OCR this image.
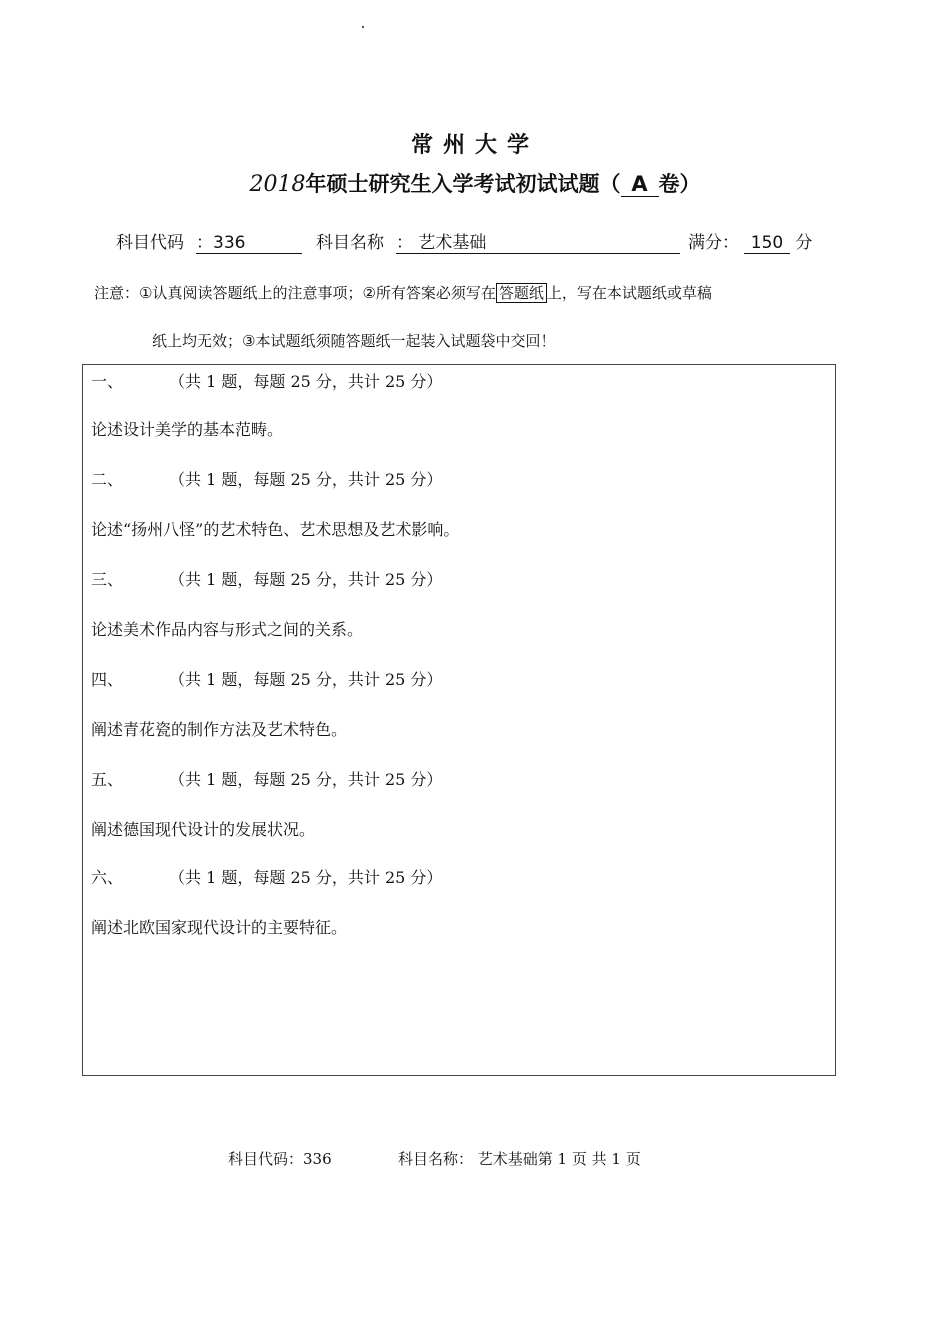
常州大学
2018年硕士研究生入学考试初试试题（ A 卷）
科目代码 ：336	科目名称 ： 艺术基础	满分： 150 分
注意：①认真阅读答题纸上的注意事项；②所有答案必须写在 答题纸 上，写在本试题纸或草稿
纸上均无效；③本试题纸须随答题纸一起装入试题袋中交回！
一、	（共 1 题，每题 25 分，共计 25 分）
论述设计美学的基本范畴。
二、	（共 1 题，每题 25 分，共计 25 分）
论述“扬州八怪”的艺术特色、艺术思想及艺术影响。
三、	（共 1 题，每题 25 分，共计 25 分）
论述美术作品内容与形式之间的关系。
四、	（共 1 题，每题 25 分，共计 25 分）
阐述青花瓷的制作方法及艺术特色。
五、	（共 1 题，每题 25 分，共计 25 分）
阐述德国现代设计的发展状况。
六、	（共 1 题，每题 25 分，共计 25 分）
阐述北欧国家现代设计的主要特征。
科目代码：336	科目名称： 艺术基础第 1 页 共 1 页
